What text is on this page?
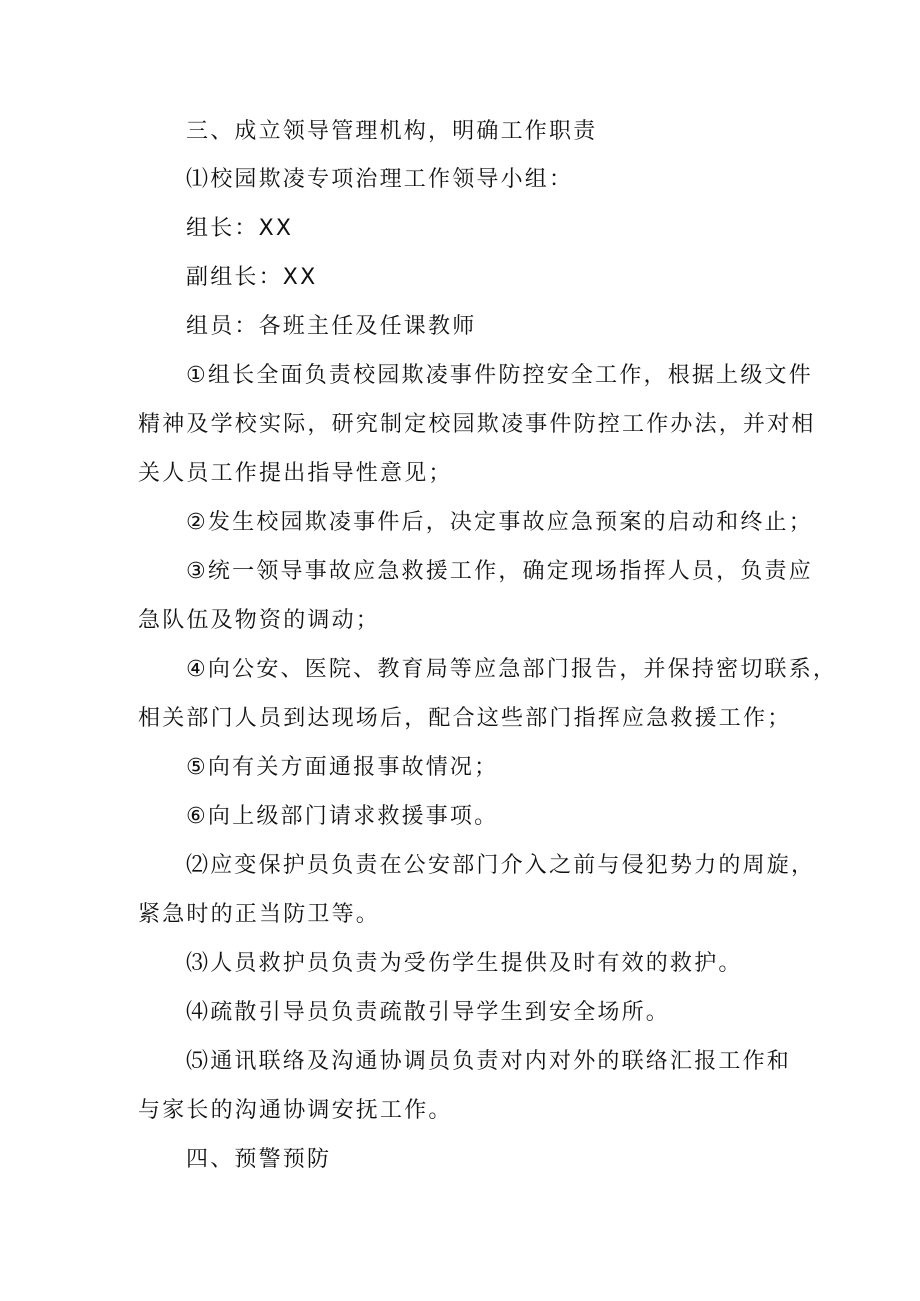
三、成立领导管理机构，明确工作职责
⑴校园欺凌专项治理工作领导小组：
组长：XX
副组长：XX
组员：各班主任及任课教师
①组长全面负责校园欺凌事件防控安全工作，根据上级文件
精神及学校实际，研究制定校园欺凌事件防控工作办法，并对相
关人员工作提出指导性意见；
②发生校园欺凌事件后，决定事故应急预案的启动和终止；
③统一领导事故应急救援工作，确定现场指挥人员，负责应
急队伍及物资的调动；
④向公安、医院、教育局等应急部门报告，并保持密切联系，
相关部门人员到达现场后，配合这些部门指挥应急救援工作；
⑤向有关方面通报事故情况；
⑥向上级部门请求救援事项。
⑵应变保护员负责在公安部门介入之前与侵犯势力的周旋，
紧急时的正当防卫等。
⑶人员救护员负责为受伤学生提供及时有效的救护。
⑷疏散引导员负责疏散引导学生到安全场所。
⑸通讯联络及沟通协调员负责对内对外的联络汇报工作和
与家长的沟通协调安抚工作。
四、预警预防
